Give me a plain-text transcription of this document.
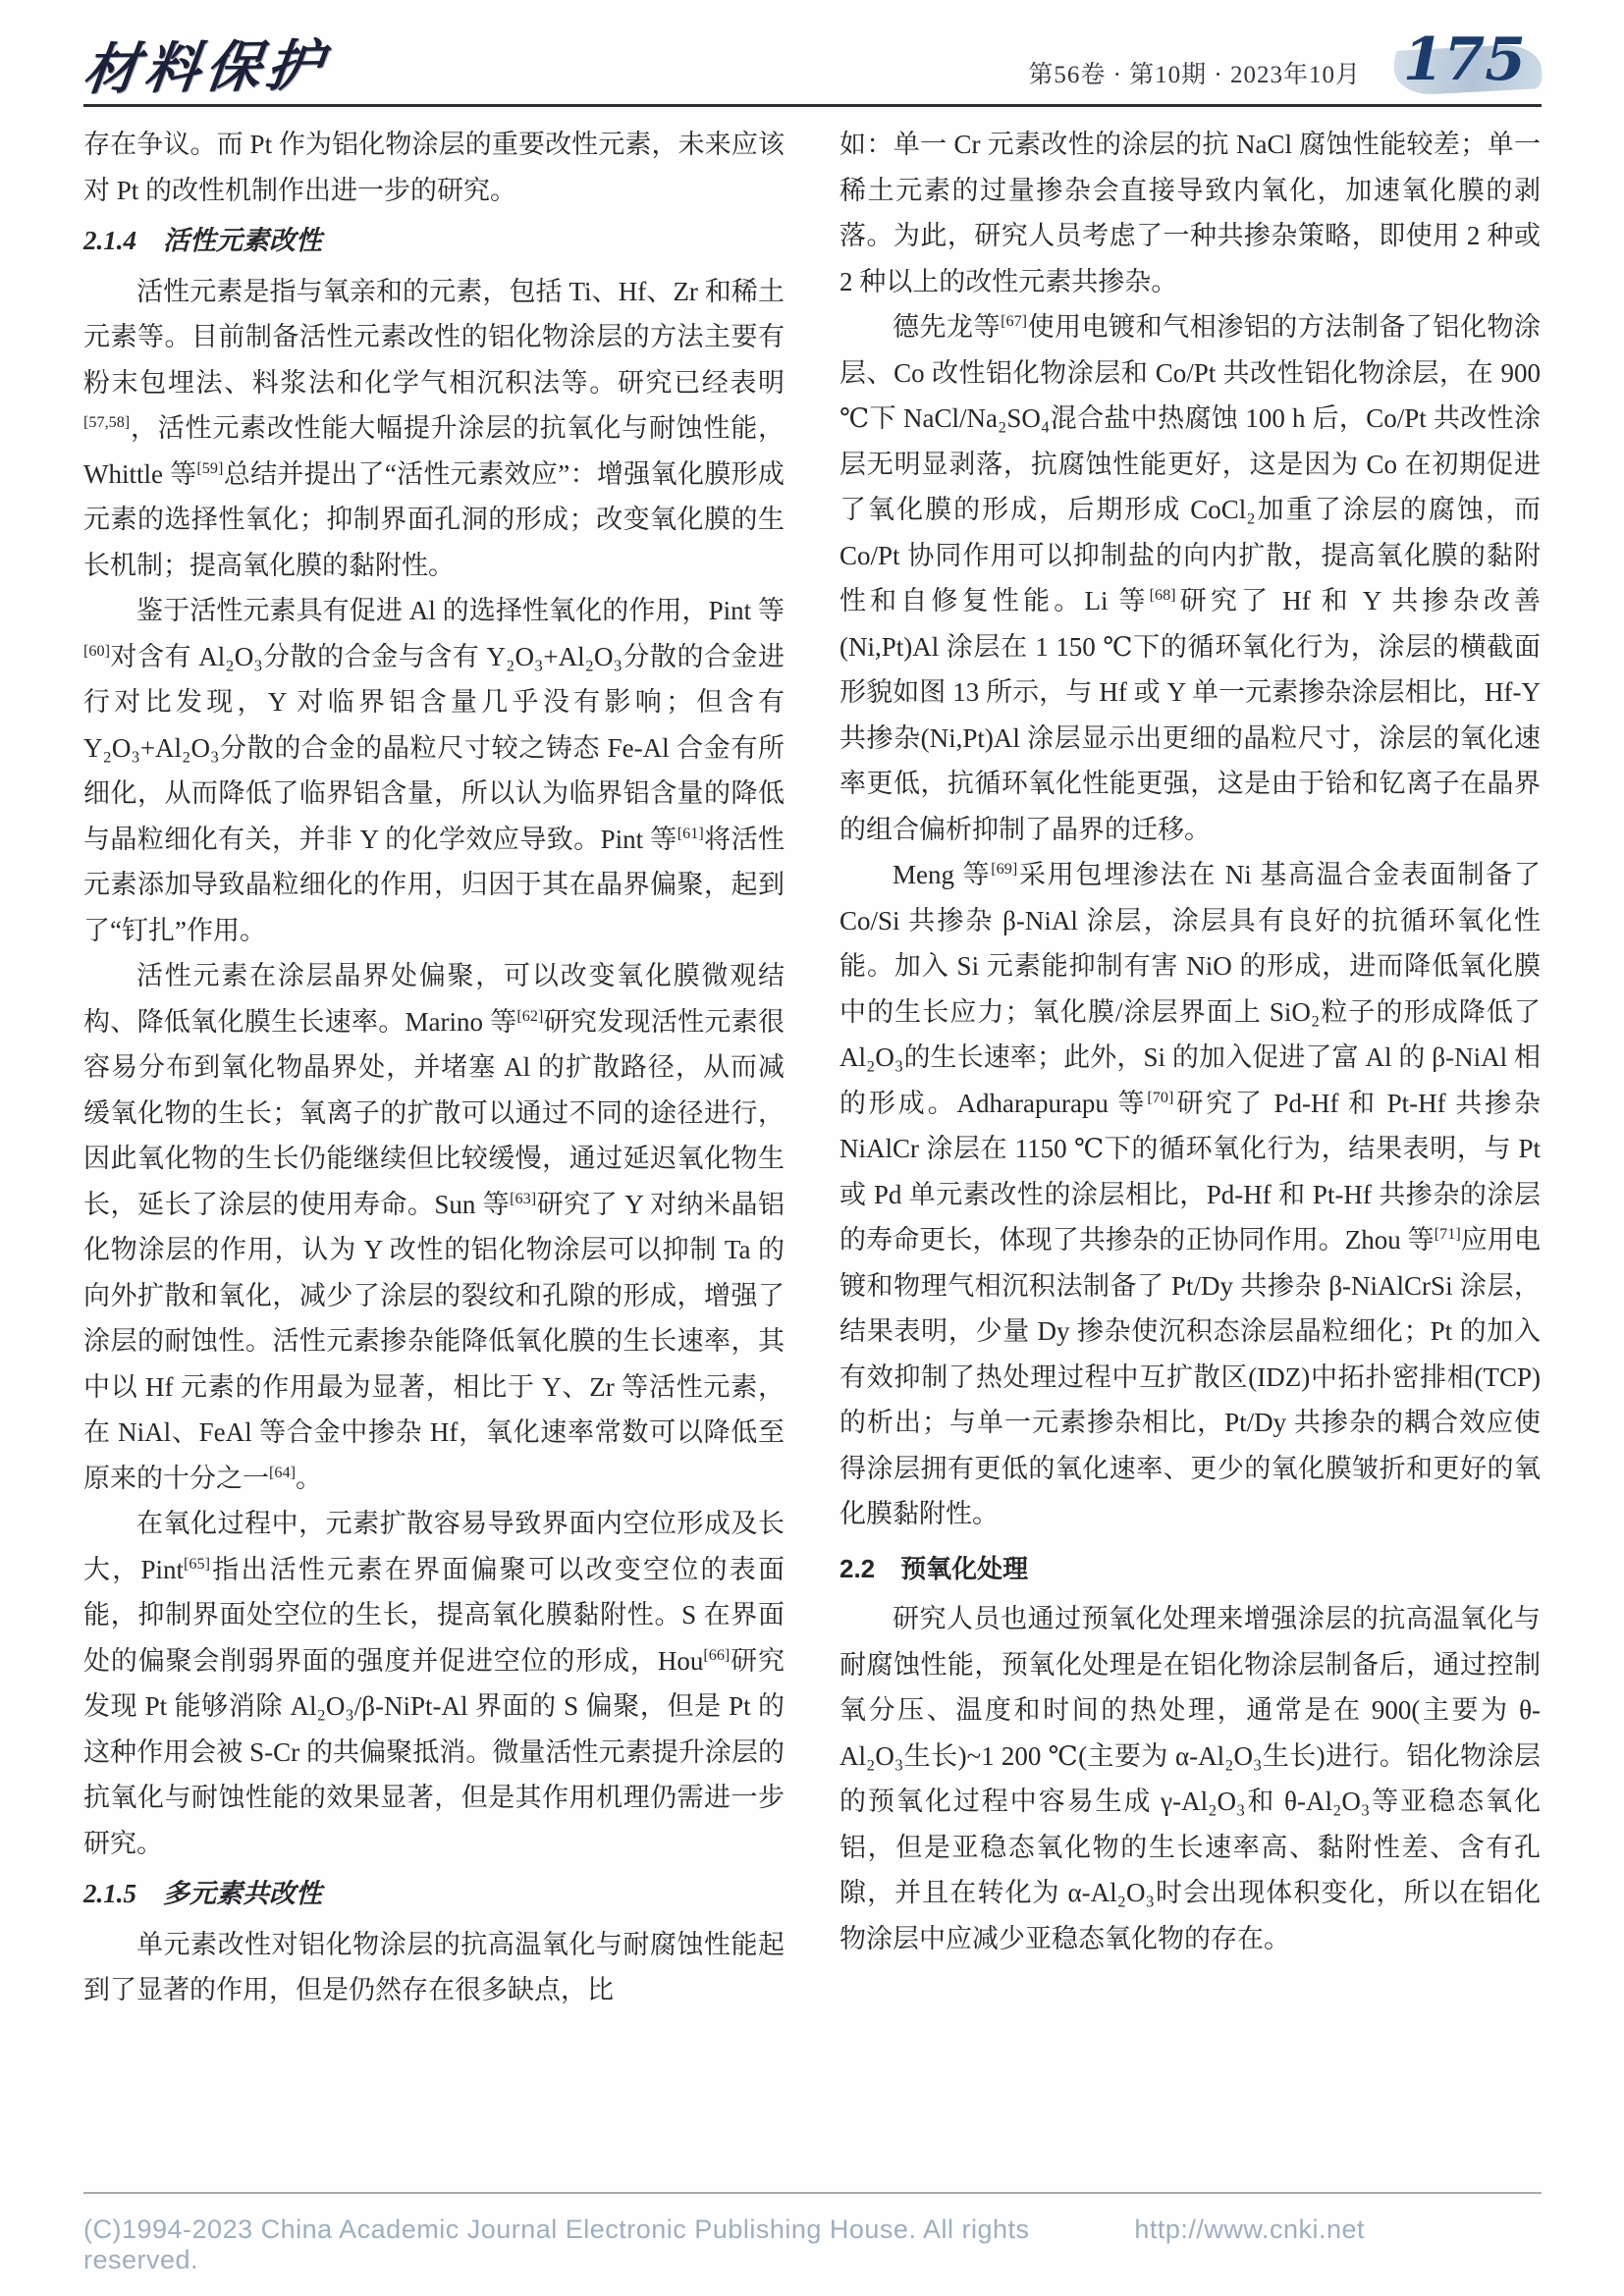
材料保护	第56卷 · 第10期 · 2023年10月 175

存在争议。而 Pt 作为铝化物涂层的重要改性元素，未来应该对 Pt 的改性机制作出进一步的研究。

2.1.4　活性元素改性

活性元素是指与氧亲和的元素，包括 Ti、Hf、Zr 和稀土元素等。目前制备活性元素改性的铝化物涂层的方法主要有粉末包埋法、料浆法和化学气相沉积法等。研究已经表明[57,58]，活性元素改性能大幅提升涂层的抗氧化与耐蚀性能，Whittle 等[59]总结并提出了“活性元素效应”：增强氧化膜形成元素的选择性氧化；抑制界面孔洞的形成；改变氧化膜的生长机制；提高氧化膜的黏附性。

鉴于活性元素具有促进 Al 的选择性氧化的作用，Pint 等[60]对含有 Al₂O₃分散的合金与含有 Y₂O₃+Al₂O₃分散的合金进行对比发现，Y 对临界铝含量几乎没有影响；但含有 Y₂O₃+Al₂O₃分散的合金的晶粒尺寸较之铸态 Fe-Al 合金有所细化，从而降低了临界铝含量，所以认为临界铝含量的降低与晶粒细化有关，并非 Y 的化学效应导致。Pint 等[61]将活性元素添加导致晶粒细化的作用，归因于其在晶界偏聚，起到了“钉扎”作用。

活性元素在涂层晶界处偏聚，可以改变氧化膜微观结构、降低氧化膜生长速率。Marino 等[62]研究发现活性元素很容易分布到氧化物晶界处，并堵塞 Al 的扩散路径，从而减缓氧化物的生长；氧离子的扩散可以通过不同的途径进行，因此氧化物的生长仍能继续但比较缓慢，通过延迟氧化物生长，延长了涂层的使用寿命。Sun 等[63]研究了 Y 对纳米晶铝化物涂层的作用，认为 Y 改性的铝化物涂层可以抑制 Ta 的向外扩散和氧化，减少了涂层的裂纹和孔隙的形成，增强了涂层的耐蚀性。活性元素掺杂能降低氧化膜的生长速率，其中以 Hf 元素的作用最为显著，相比于 Y、Zr 等活性元素，在 NiAl、FeAl 等合金中掺杂 Hf，氧化速率常数可以降低至原来的十分之一[64]。

在氧化过程中，元素扩散容易导致界面内空位形成及长大，Pint[65]指出活性元素在界面偏聚可以改变空位的表面能，抑制界面处空位的生长，提高氧化膜黏附性。S 在界面处的偏聚会削弱界面的强度并促进空位的形成，Hou[66]研究发现 Pt 能够消除 Al₂O₃/β-NiPt-Al 界面的 S 偏聚，但是 Pt 的这种作用会被 S-Cr 的共偏聚抵消。微量活性元素提升涂层的抗氧化与耐蚀性能的效果显著，但是其作用机理仍需进一步研究。

2.1.5　多元素共改性

单元素改性对铝化物涂层的抗高温氧化与耐腐蚀性能起到了显著的作用，但是仍然存在很多缺点，比

如：单一 Cr 元素改性的涂层的抗 NaCl 腐蚀性能较差；单一稀土元素的过量掺杂会直接导致内氧化，加速氧化膜的剥落。为此，研究人员考虑了一种共掺杂策略，即使用 2 种或 2 种以上的改性元素共掺杂。

德先龙等[67]使用电镀和气相渗铝的方法制备了铝化物涂层、Co 改性铝化物涂层和 Co/Pt 共改性铝化物涂层，在 900 ℃下 NaCl/Na₂SO₄混合盐中热腐蚀 100 h 后，Co/Pt 共改性涂层无明显剥落，抗腐蚀性能更好，这是因为 Co 在初期促进了氧化膜的形成，后期形成 CoCl₂加重了涂层的腐蚀，而 Co/Pt 协同作用可以抑制盐的向内扩散，提高氧化膜的黏附性和自修复性能。Li 等[68]研究了 Hf 和 Y 共掺杂改善(Ni,Pt)Al 涂层在 1 150 ℃下的循环氧化行为，涂层的横截面形貌如图 13 所示，与 Hf 或 Y 单一元素掺杂涂层相比，Hf-Y 共掺杂(Ni,Pt)Al 涂层显示出更细的晶粒尺寸，涂层的氧化速率更低，抗循环氧化性能更强，这是由于铪和钇离子在晶界的组合偏析抑制了晶界的迁移。

Meng 等[69]采用包埋渗法在 Ni 基高温合金表面制备了 Co/Si 共掺杂 β-NiAl 涂层，涂层具有良好的抗循环氧化性能。加入 Si 元素能抑制有害 NiO 的形成，进而降低氧化膜中的生长应力；氧化膜/涂层界面上 SiO₂粒子的形成降低了 Al₂O₃的生长速率；此外，Si 的加入促进了富 Al 的 β-NiAl 相的形成。Adharapurapu 等[70]研究了 Pd-Hf 和 Pt-Hf 共掺杂 NiAlCr 涂层在 1150 ℃下的循环氧化行为，结果表明，与 Pt 或 Pd 单元素改性的涂层相比，Pd-Hf 和 Pt-Hf 共掺杂的涂层的寿命更长，体现了共掺杂的正协同作用。Zhou 等[71]应用电镀和物理气相沉积法制备了 Pt/Dy 共掺杂 β-NiAlCrSi 涂层，结果表明，少量 Dy 掺杂使沉积态涂层晶粒细化；Pt 的加入有效抑制了热处理过程中互扩散区(IDZ)中拓扑密排相(TCP)的析出；与单一元素掺杂相比，Pt/Dy 共掺杂的耦合效应使得涂层拥有更低的氧化速率、更少的氧化膜皱折和更好的氧化膜黏附性。

2.2　预氧化处理

研究人员也通过预氧化处理来增强涂层的抗高温氧化与耐腐蚀性能，预氧化处理是在铝化物涂层制备后，通过控制氧分压、温度和时间的热处理，通常是在 900(主要为 θ-Al₂O₃生长)~1 200 ℃(主要为 α-Al₂O₃生长)进行。铝化物涂层的预氧化过程中容易生成 γ-Al₂O₃和 θ-Al₂O₃等亚稳态氧化铝，但是亚稳态氧化物的生长速率高、黏附性差、含有孔隙，并且在转化为 α-Al₂O₃时会出现体积变化，所以在铝化物涂层中应减少亚稳态氧化物的存在。

(C)1994-2023 China Academic Journal Electronic Publishing House. All rights reserved.
http://www.cnki.net
